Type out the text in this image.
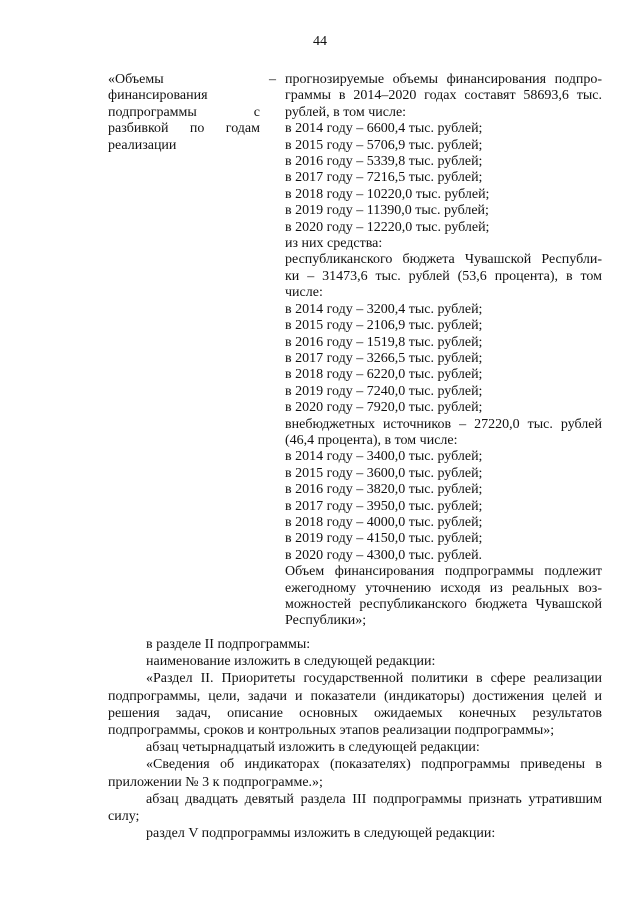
44
«Объемы финансирования подпрограммы с разбивкой по годам реализации
– прогнозируемые объемы финансирования подпро-

граммы в 2014–2020 годах составят 58693,6 тыс.

рублей, в том числе:

в 2014 году – 6600,4 тыс. рублей;

в 2015 году – 5706,9 тыс. рублей;

в 2016 году – 5339,8 тыс. рублей;

в 2017 году – 7216,5 тыс. рублей;

в 2018 году – 10220,0 тыс. рублей;

в 2019 году – 11390,0 тыс. рублей;

в 2020 году – 12220,0 тыс. рублей;

из них средства:

республиканского бюджета Чувашской Республи-

ки – 31473,6 тыс. рублей (53,6 процента), в том

числе:

в 2014 году – 3200,4 тыс. рублей;

в 2015 году – 2106,9 тыс. рублей;

в 2016 году – 1519,8 тыс. рублей;

в 2017 году – 3266,5 тыс. рублей;

в 2018 году – 6220,0 тыс. рублей;

в 2019 году – 7240,0 тыс. рублей;

в 2020 году – 7920,0 тыс. рублей;

внебюджетных источников – 27220,0 тыс. рублей

(46,4 процента), в том числе:

в 2014 году – 3400,0 тыс. рублей;

в 2015 году – 3600,0 тыс. рублей;

в 2016 году – 3820,0 тыс. рублей;

в 2017 году – 3950,0 тыс. рублей;

в 2018 году – 4000,0 тыс. рублей;

в 2019 году – 4150,0 тыс. рублей;

в 2020 году – 4300,0 тыс. рублей.

Объем финансирования подпрограммы подлежит

ежегодному уточнению исходя из реальных воз-

можностей республиканского бюджета Чувашской

Республики»;

в разделе II подпрограммы:

наименование изложить в следующей редакции:

«Раздел II. Приоритеты государственной политики в сфере реализации подпрограммы, цели, задачи и показатели (индикаторы) достижения целей и решения задач, описание основных ожидаемых конечных результатов подпрограммы, сроков и контрольных этапов реализации подпрограммы»;

абзац четырнадцатый изложить в следующей редакции:

«Сведения об индикаторах (показателях) подпрограммы приведены в приложении № 3 к подпрограмме.»;

абзац двадцать девятый раздела III подпрограммы признать утратившим силу;

раздел V подпрограммы изложить в следующей редакции:
